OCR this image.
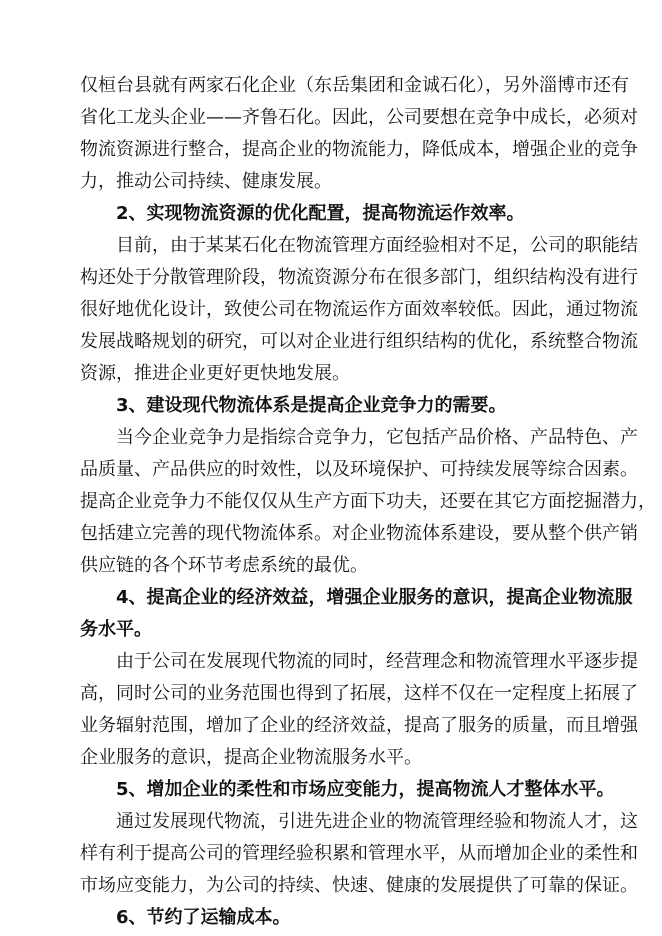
仅桓台县就有两家石化企业（东岳集团和金诚石化），另外淄博市还有
省化工龙头企业——齐鲁石化。因此，公司要想在竞争中成长，必须对
物流资源进行整合，提高企业的物流能力，降低成本，增强企业的竞争
力，推动公司持续、健康发展。
2、实现物流资源的优化配置，提高物流运作效率。
目前，由于某某石化在物流管理方面经验相对不足，公司的职能结
构还处于分散管理阶段，物流资源分布在很多部门，组织结构没有进行
很好地优化设计，致使公司在物流运作方面效率较低。因此，通过物流
发展战略规划的研究，可以对企业进行组织结构的优化，系统整合物流
资源，推进企业更好更快地发展。
3、建设现代物流体系是提高企业竞争力的需要。
当今企业竞争力是指综合竞争力，它包括产品价格、产品特色、产
品质量、产品供应的时效性，以及环境保护、可持续发展等综合因素。
提高企业竞争力不能仅仅从生产方面下功夫，还要在其它方面挖掘潜力，
包括建立完善的现代物流体系。对企业物流体系建设，要从整个供产销
供应链的各个环节考虑系统的最优。
4、提高企业的经济效益，增强企业服务的意识，提高企业物流服
务水平。
由于公司在发展现代物流的同时，经营理念和物流管理水平逐步提
高，同时公司的业务范围也得到了拓展，这样不仅在一定程度上拓展了
业务辐射范围，增加了企业的经济效益，提高了服务的质量，而且增强
企业服务的意识，提高企业物流服务水平。
5、增加企业的柔性和市场应变能力，提高物流人才整体水平。
通过发展现代物流，引进先进企业的物流管理经验和物流人才，这
样有利于提高公司的管理经验积累和管理水平，从而增加企业的柔性和
市场应变能力，为公司的持续、快速、健康的发展提供了可靠的保证。
6、节约了运输成本。
